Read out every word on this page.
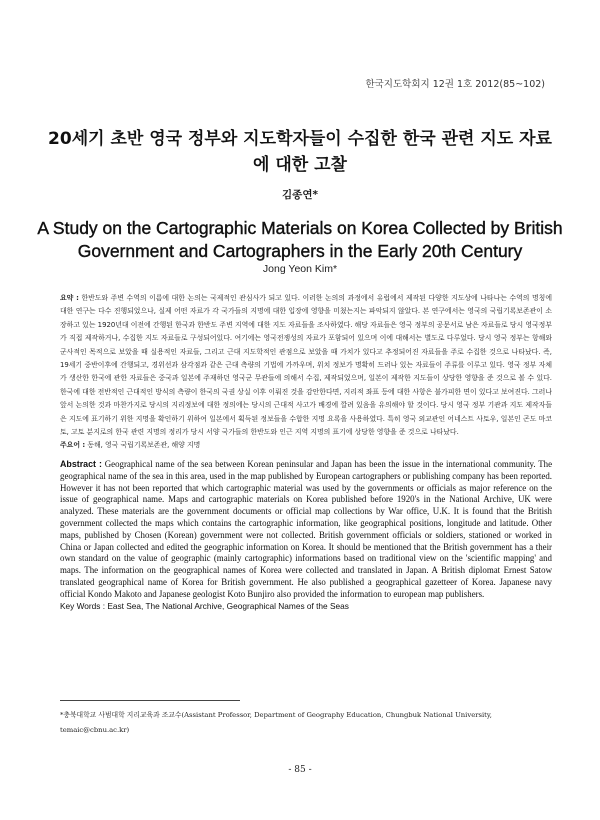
한국지도학회지 12권 1호 2012(85~102)
20세기 초반 영국 정부와 지도학자들이 수집한 한국 관련 지도 자료에 대한 고찰
김종연*
A Study on the Cartographic Materials on Korea Collected by British Government and Cartographers in the Early 20th Century
Jong Yeon Kim*
요약 : 한반도와 주변 수역의 이름에 대한 논의는 국제적인 관심사가 되고 있다. 이러한 논의의 과정에서 유럽에서 제작된 다양한 지도상에 나타나는 수역의 명칭에 대한 연구는 다수 진행되었으나, 실제 어떤 자료가 각 국가들의 지명에 대한 입장에 영향을 미쳤는지는 파악되지 않았다. 본 연구에서는 영국의 국립기록보존관이 소장하고 있는 1920년대 이전에 간행된 한국과 한반도 주변 지역에 대한 지도 자료들을 조사하였다. 해당 자료들은 영국 정부의 공문서로 남은 자료들로 당시 영국정부가 직접 제작하거나, 수집한 지도 자료들로 구성되어있다. 여기에는 영국전쟁성의 자료가 포함되어 있으며 이에 대해서는 별도로 다루었다. 당시 영국 정부는 항해와 군사적인 목적으로 보았을 때 실용적인 자료들, 그리고 근대 지도학적인 관점으로 보았을 때 가치가 있다고 추정되어진 자료들을 주로 수집한 것으로 나타났다. 즉, 19세기 중반이후에 간행되고, 경위선과 삼각점과 같은 근대 측량의 기법에 가까우며, 위치 정보가 명확히 드러나 있는 자료들이 주류를 이루고 있다. 영국 정부 자체가 생산한 한국에 관한 자료들은 중국과 일본에 주재하던 영국군 무관들에 의해서 수집, 제작되었으며, 일본이 제작한 지도들이 상당한 영향을 준 것으로 볼 수 있다. 한국에 대한 전반적인 근대적인 방식의 측량이 한국의 국권 상실 이후 이뤄진 것을 감안한다면, 지리적 좌표 등에 대한 사항은 불가피한 면이 있다고 보여진다. 그러나 앞서 논의한 것과 마찬가지로 당시의 지리정보에 대한 정의에는 당시의 근대적 사고가 배경에 깔려 있음을 유의해야 할 것이다. 당시 영국 정부 기관과 지도 제작자들은 지도에 표기하기 위한 지명을 확인하기 위하여 일본에서 획득된 정보들을 수합한 지명 요록을 사용하였다. 특히 영국 외교관인 어네스트 사토우, 일본인 곤도 마코토, 고토 분지로의 한국 관련 지명의 정리가 당시 서양 국가들의 한반도와 인근 지역 지명의 표기에 상당한 영향을 준 것으로 나타났다.
주요어 : 동해, 영국 국립기록보존관, 해양 지명
Abstract : Geographical name of the sea between Korean peninsular and Japan has been the issue in the international community. The geographical name of the sea in this area, used in the map published by European cartographers or publishing company has been reported. However it has not been reported that which cartographic material was used by the governments or officials as major reference on the issue of geographical name. Maps and cartographic materials on Korea published before 1920's in the National Archive, UK were analyzed. These materials are the government documents or official map collections by War office, U.K. It is found that the British government collected the maps which contains the cartographic information, like geographical positions, longitude and latitude. Other maps, published by Chosen (Korean) government were not collected. British government officials or soldiers, stationed or worked in China or Japan collected and edited the geographic information on Korea. It should be mentioned that the British government has a their own standard on the value of geographic (mainly cartographic) informations based on traditional view on the 'scientific mapping' and maps. The information on the geographical names of Korea were collected and translated in Japan. A British diplomat Ernest Satow translated geographical name of Korea for British government. He also published a geographical gazetteer of Korea. Japanese navy official Kondo Makoto and Japanese geologist Koto Bunjiro also provided the information to european map publishers.
Key Words : East Sea, The National Archive, Geographical Names of the Seas
*충북대학교 사범대학 지리교육과 조교수(Assistant Professor, Department of Geography Education, Chungbuk National University, temaic@cbnu.ac.kr)
- 85 -
